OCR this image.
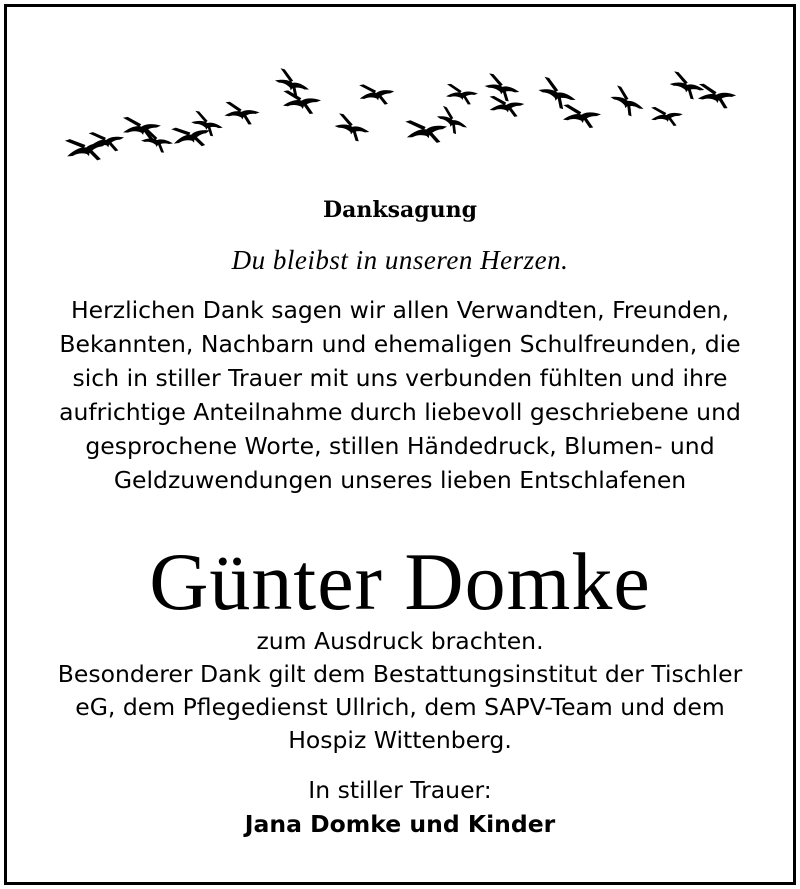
Danksagung
Du bleibst in unseren Herzen.
Herzlichen Dank sagen wir allen Verwandten, Freunden,
Bekannten, Nachbarn und ehemaligen Schulfreunden, die
sich in stiller Trauer mit uns verbunden fühlten und ihre
aufrichtige Anteilnahme durch liebevoll geschriebene und
gesprochene Worte, stillen Händedruck, Blumen- und
Geldzuwendungen unseres lieben Entschlafenen
Günter Domke
zum Ausdruck brachten.
Besonderer Dank gilt dem Bestattungsinstitut der Tischler
eG, dem Pflegedienst Ullrich, dem SAPV-Team und dem
Hospiz Wittenberg.
In stiller Trauer:
Jana Domke und Kinder
